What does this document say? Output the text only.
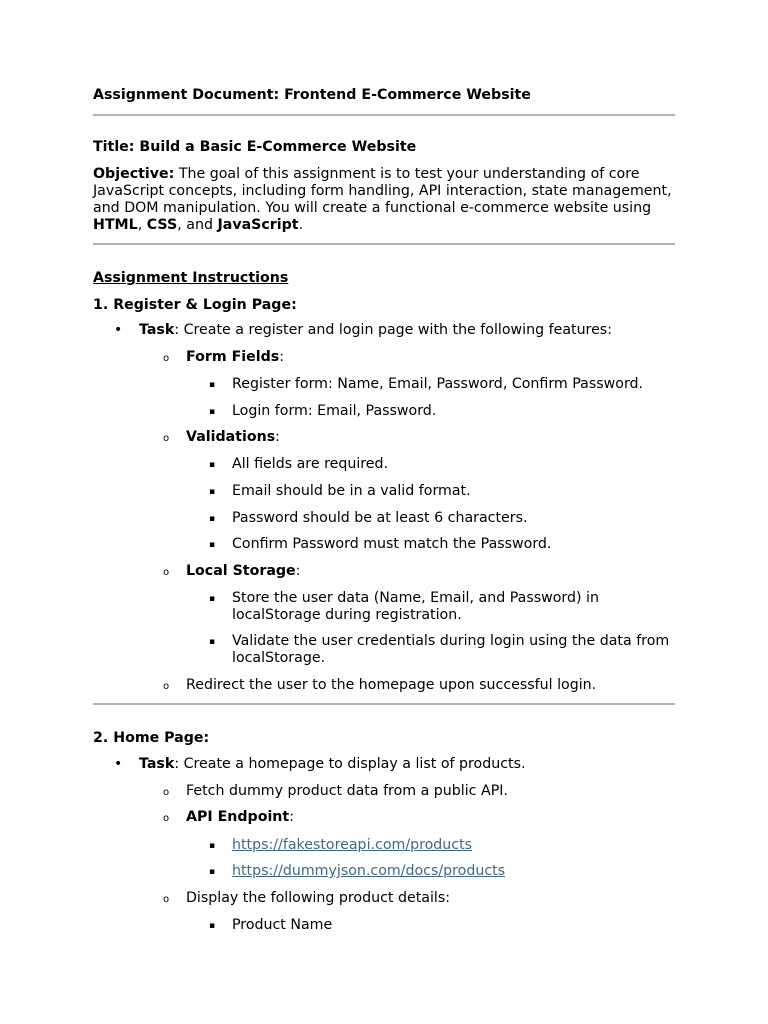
Assignment Document: Frontend E-Commerce Website
Title: Build a Basic E-Commerce Website
Objective: The goal of this assignment is to test your understanding of core JavaScript concepts, including form handling, API interaction, state management, and DOM manipulation. You will create a functional e-commerce website using HTML, CSS, and JavaScript.
Assignment Instructions
1. Register & Login Page:
• Task: Create a register and login page with the following features:
o Form Fields:
▪ Register form: Name, Email, Password, Confirm Password.
▪ Login form: Email, Password.
o Validations:
▪ All fields are required.
▪ Email should be in a valid format.
▪ Password should be at least 6 characters.
▪ Confirm Password must match the Password.
o Local Storage:
▪ Store the user data (Name, Email, and Password) in localStorage during registration.
▪ Validate the user credentials during login using the data from localStorage.
o Redirect the user to the homepage upon successful login.
2. Home Page:
• Task: Create a homepage to display a list of products.
o Fetch dummy product data from a public API.
o API Endpoint:
▪ https://fakestoreapi.com/products
▪ https://dummyjson.com/docs/products
o Display the following product details:
▪ Product Name
